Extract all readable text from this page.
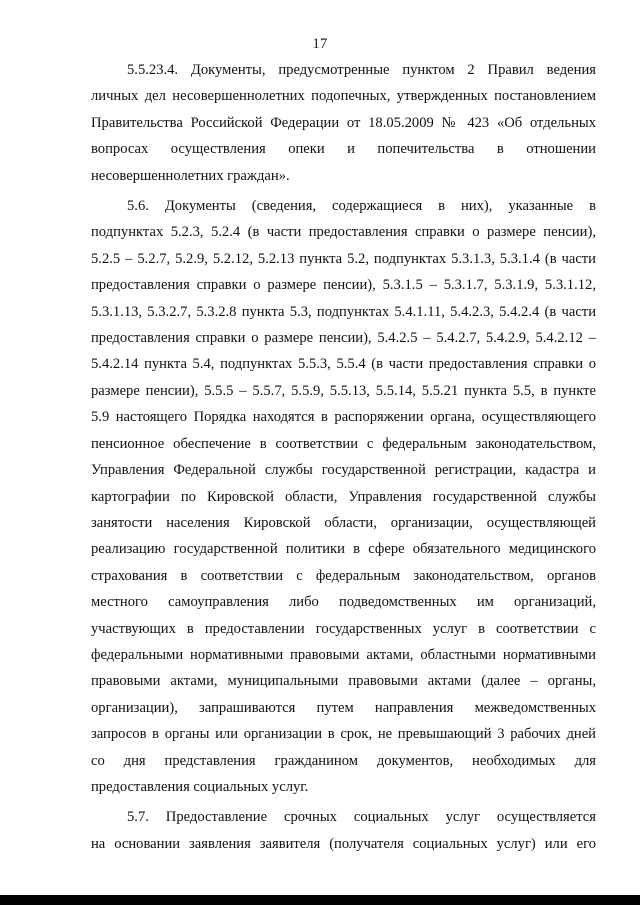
17
5.5.23.4. Документы, предусмотренные пунктом 2 Правил ведения
личных дел несовершеннолетних подопечных, утвержденных постановлением
Правительства Российской Федерации от 18.05.2009 № 423 «Об отдельных
вопросах осуществления опеки и попечительства в отношении
несовершеннолетних граждан».
5.6. Документы (сведения, содержащиеся в них), указанные в
подпунктах 5.2.3, 5.2.4 (в части предоставления справки о размере пенсии),
5.2.5 – 5.2.7, 5.2.9, 5.2.12, 5.2.13 пункта 5.2, подпунктах 5.3.1.3, 5.3.1.4 (в части
предоставления справки о размере пенсии), 5.3.1.5 – 5.3.1.7, 5.3.1.9, 5.3.1.12,
5.3.1.13, 5.3.2.7, 5.3.2.8 пункта 5.3, подпунктах 5.4.1.11, 5.4.2.3, 5.4.2.4 (в части
предоставления справки о размере пенсии), 5.4.2.5 – 5.4.2.7, 5.4.2.9, 5.4.2.12 –
5.4.2.14 пункта 5.4, подпунктах 5.5.3, 5.5.4 (в части предоставления справки о
размере пенсии), 5.5.5 – 5.5.7, 5.5.9, 5.5.13, 5.5.14, 5.5.21 пункта 5.5, в пункте
5.9 настоящего Порядка находятся в распоряжении органа, осуществляющего
пенсионное обеспечение в соответствии с федеральным законодательством,
Управления Федеральной службы государственной регистрации, кадастра и
картографии по Кировской области, Управления государственной службы
занятости населения Кировской области, организации, осуществляющей
реализацию государственной политики в сфере обязательного медицинского
страхования в соответствии с федеральным законодательством, органов
местного самоуправления либо подведомственных им организаций,
участвующих в предоставлении государственных услуг в соответствии с
федеральными нормативными правовыми актами, областными нормативными
правовыми актами, муниципальными правовыми актами (далее – органы,
организации), запрашиваются путем направления межведомственных
запросов в органы или организации в срок, не превышающий 3 рабочих дней
со дня представления гражданином документов, необходимых для
предоставления социальных услуг.
5.7. Предоставление срочных социальных услуг осуществляется
на основании заявления заявителя (получателя социальных услуг) или его
